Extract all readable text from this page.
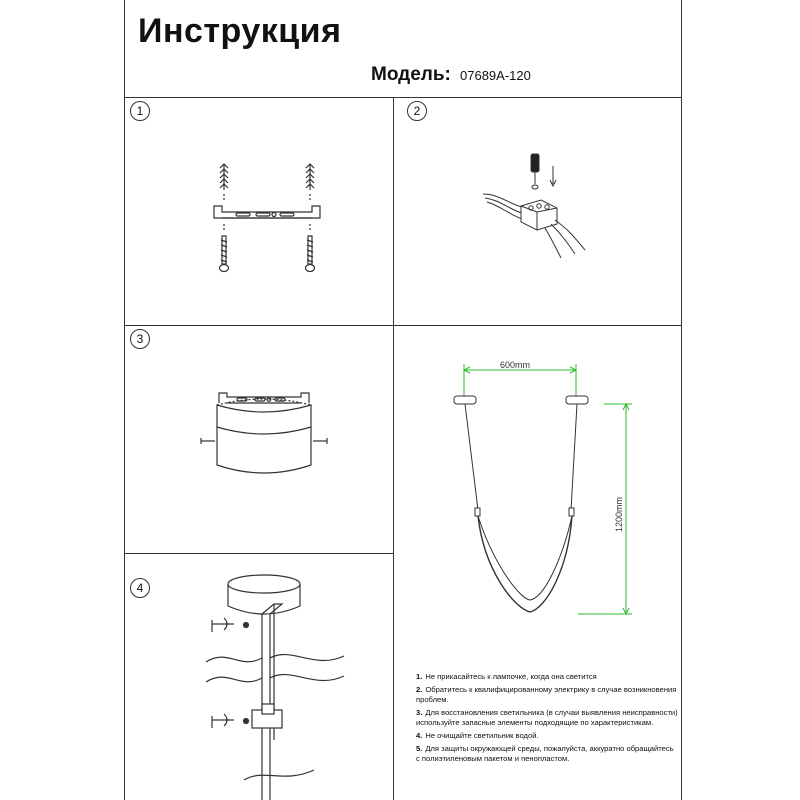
Инструкция
Модель: 07689А-120
1	2
3
4
600mm
1200mm
1. Не прикасайтесь к лампочке, когда она светится
2. Обратитесь к квалифицированному электрику в случае возникновения проблем.
3. Для восстановления светильника (в случаи выявления неисправности) используйте запасные элементы подходящие по характеристикам.
4. Не очищайте светильник водой.
5. Для защиты окружающей среды, пожалуйста, аккуратно обращайтесь с полиэтиленовым пакетом и пенопластом.
